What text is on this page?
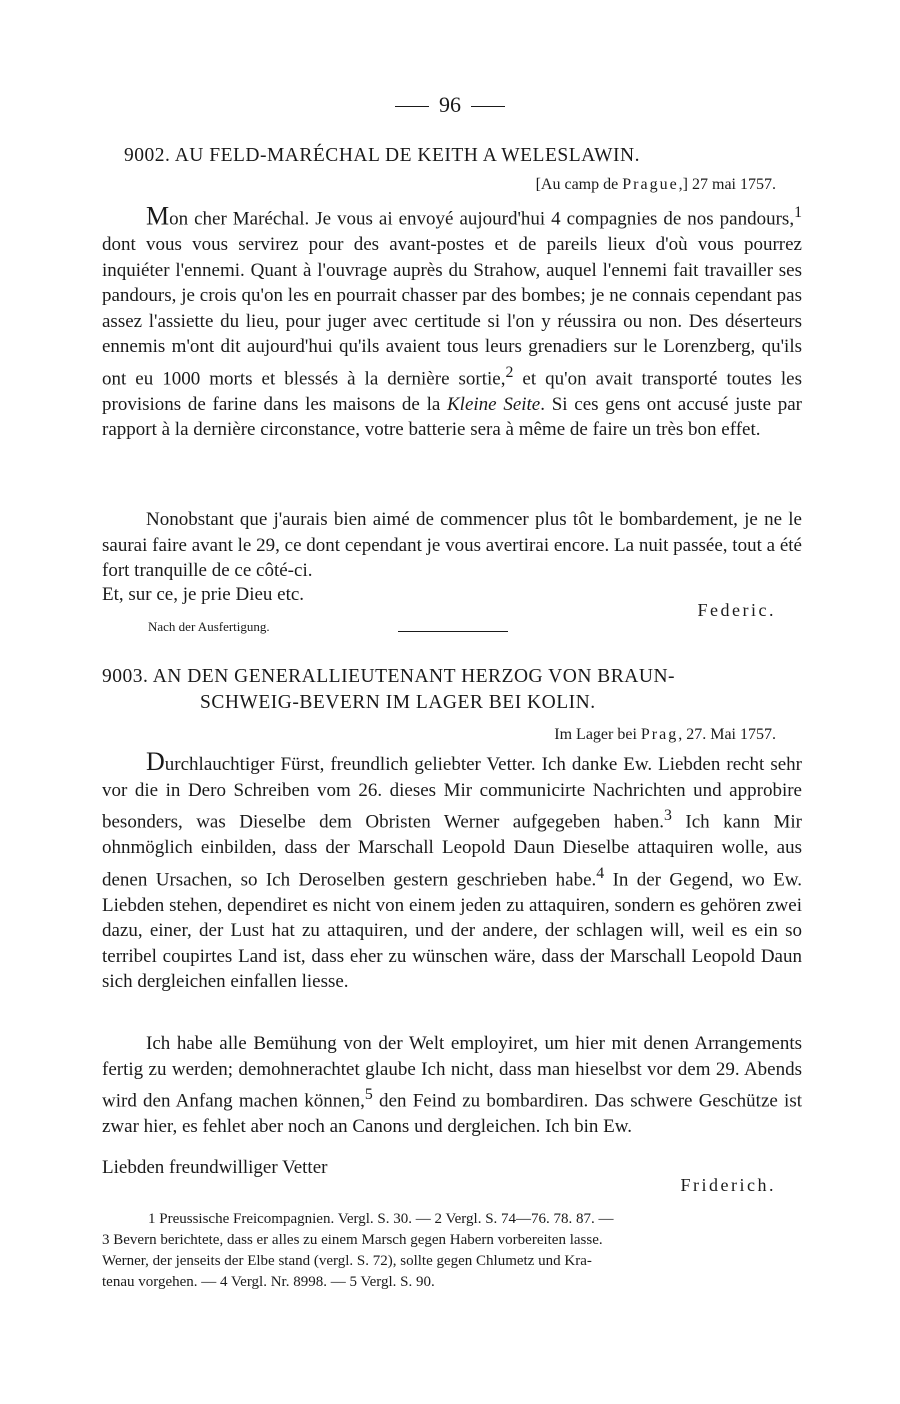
96
9002. AU FELD-MARÉCHAL DE KEITH A WELESLAWIN.
[Au camp de Prague,] 27 mai 1757.

Mon cher Maréchal. Je vous ai envoyé aujourd'hui 4 compagnies de nos pandours,$^1$ dont vous vous servirez pour des avant-postes et de pareils lieux d'où vous pourrez inquiéter l'ennemi. Quant à l'ouvrage auprès du Strahow, auquel l'ennemi fait travailler ses pandours, je crois qu'on les en pourrait chasser par des bombes; je ne connais cependant pas assez l'assiette du lieu, pour juger avec certitude si l'on y réussira ou non. Des déserteurs ennemis m'ont dit aujourd'hui qu'ils avaient tous leurs grenadiers sur le Lorenzberg, qu'ils ont eu 1000 morts et blessés à la dernière sortie,$^2$ et qu'on avait transporté toutes les provisions de farine dans les maisons de la Kleine Seite. Si ces gens ont accusé juste par rapport à la dernière circonstance, votre batterie sera à même de faire un très bon effet.

Nonobstant que j'aurais bien aimé de commencer plus tôt le bombardement, je ne le saurai faire avant le 29, ce dont cependant je vous avertirai encore. La nuit passée, tout a été fort tranquille de ce côté-ci.

Et, sur ce, je prie Dieu etc.
Federic.
Nach der Ausfertigung.
9003. AN DEN GENERALLIEUTENANT HERZOG VON BRAUN-
SCHWEIG-BEVERN IM LAGER BEI KOLIN.
Im Lager bei Prag, 27. Mai 1757.

Durchlauchtiger Fürst, freundlich geliebter Vetter. Ich danke Ew. Liebden recht sehr vor die in Dero Schreiben vom 26. dieses Mir communicirte Nachrichten und approbire besonders, was Dieselbe dem Obristen Werner aufgegeben haben.$^3$ Ich kann Mir ohnmöglich einbilden, dass der Marschall Leopold Daun Dieselbe attaquiren wolle, aus denen Ursachen, so Ich Deroselben gestern geschrieben habe.$^4$ In der Gegend, wo Ew. Liebden stehen, dependiret es nicht von einem jeden zu attaquiren, sondern es gehören zwei dazu, einer, der Lust hat zu attaquiren, und der andere, der schlagen will, weil es ein so terribel coupirtes Land ist, dass eher zu wünschen wäre, dass der Marschall Leopold Daun sich dergleichen einfallen liesse.

Ich habe alle Bemühung von der Welt employiret, um hier mit denen Arrangements fertig zu werden; demohnerachtet glaube Ich nicht, dass man hieselbst vor dem 29. Abends wird den Anfang machen können,$^5$ den Feind zu bombardiren. Das schwere Geschütze ist zwar hier, es fehlet aber noch an Canons und dergleichen. Ich bin Ew.

Liebden freundwilliger Vetter
Friderich.
1 Preussische Freicompagnien. Vergl. S. 30. — 2 Vergl. S. 74—76. 78. 87. —
3 Bevern berichtete, dass er alles zu einem Marsch gegen Habern vorbereiten lasse.
Werner, der jenseits der Elbe stand (vergl. S. 72), sollte gegen Chlumetz und Kra-
tenau vorgehen. — 4 Vergl. Nr. 8998. — 5 Vergl. S. 90.
